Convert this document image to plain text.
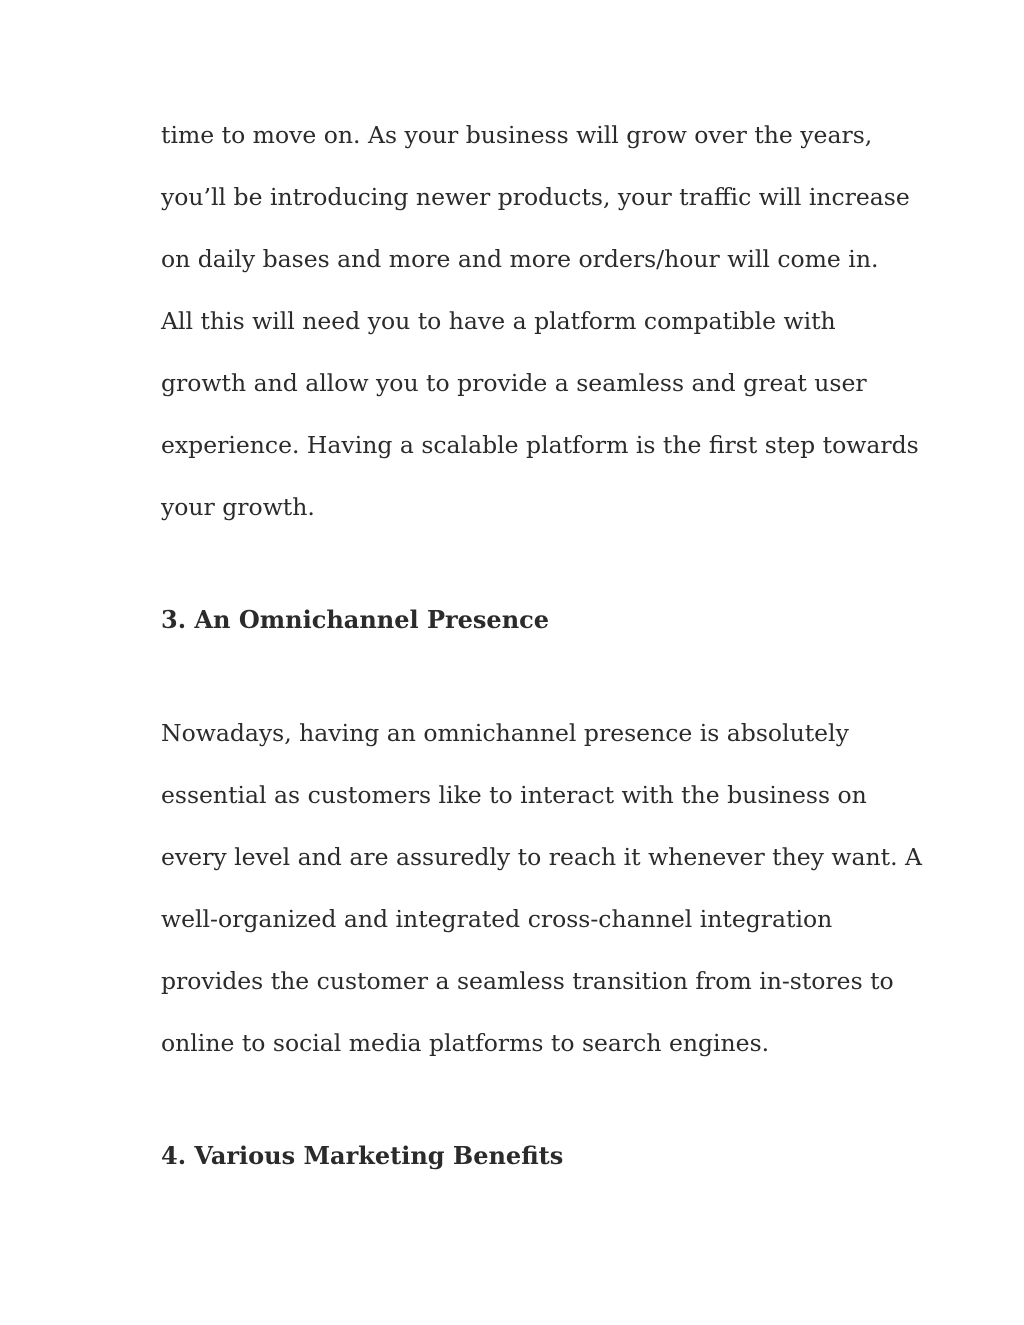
time to move on. As your business will grow over the years,

you’ll be introducing newer products, your traffic will increase

on daily bases and more and more orders/hour will come in.

All this will need you to have a platform compatible with

growth and allow you to provide a seamless and great user

experience. Having a scalable platform is the first step towards

your growth.

3. An Omnichannel Presence

Nowadays, having an omnichannel presence is absolutely

essential as customers like to interact with the business on

every level and are assuredly to reach it whenever they want. A

well-organized and integrated cross-channel integration

provides the customer a seamless transition from in-stores to

online to social media platforms to search engines.

4. Various Marketing Benefits
